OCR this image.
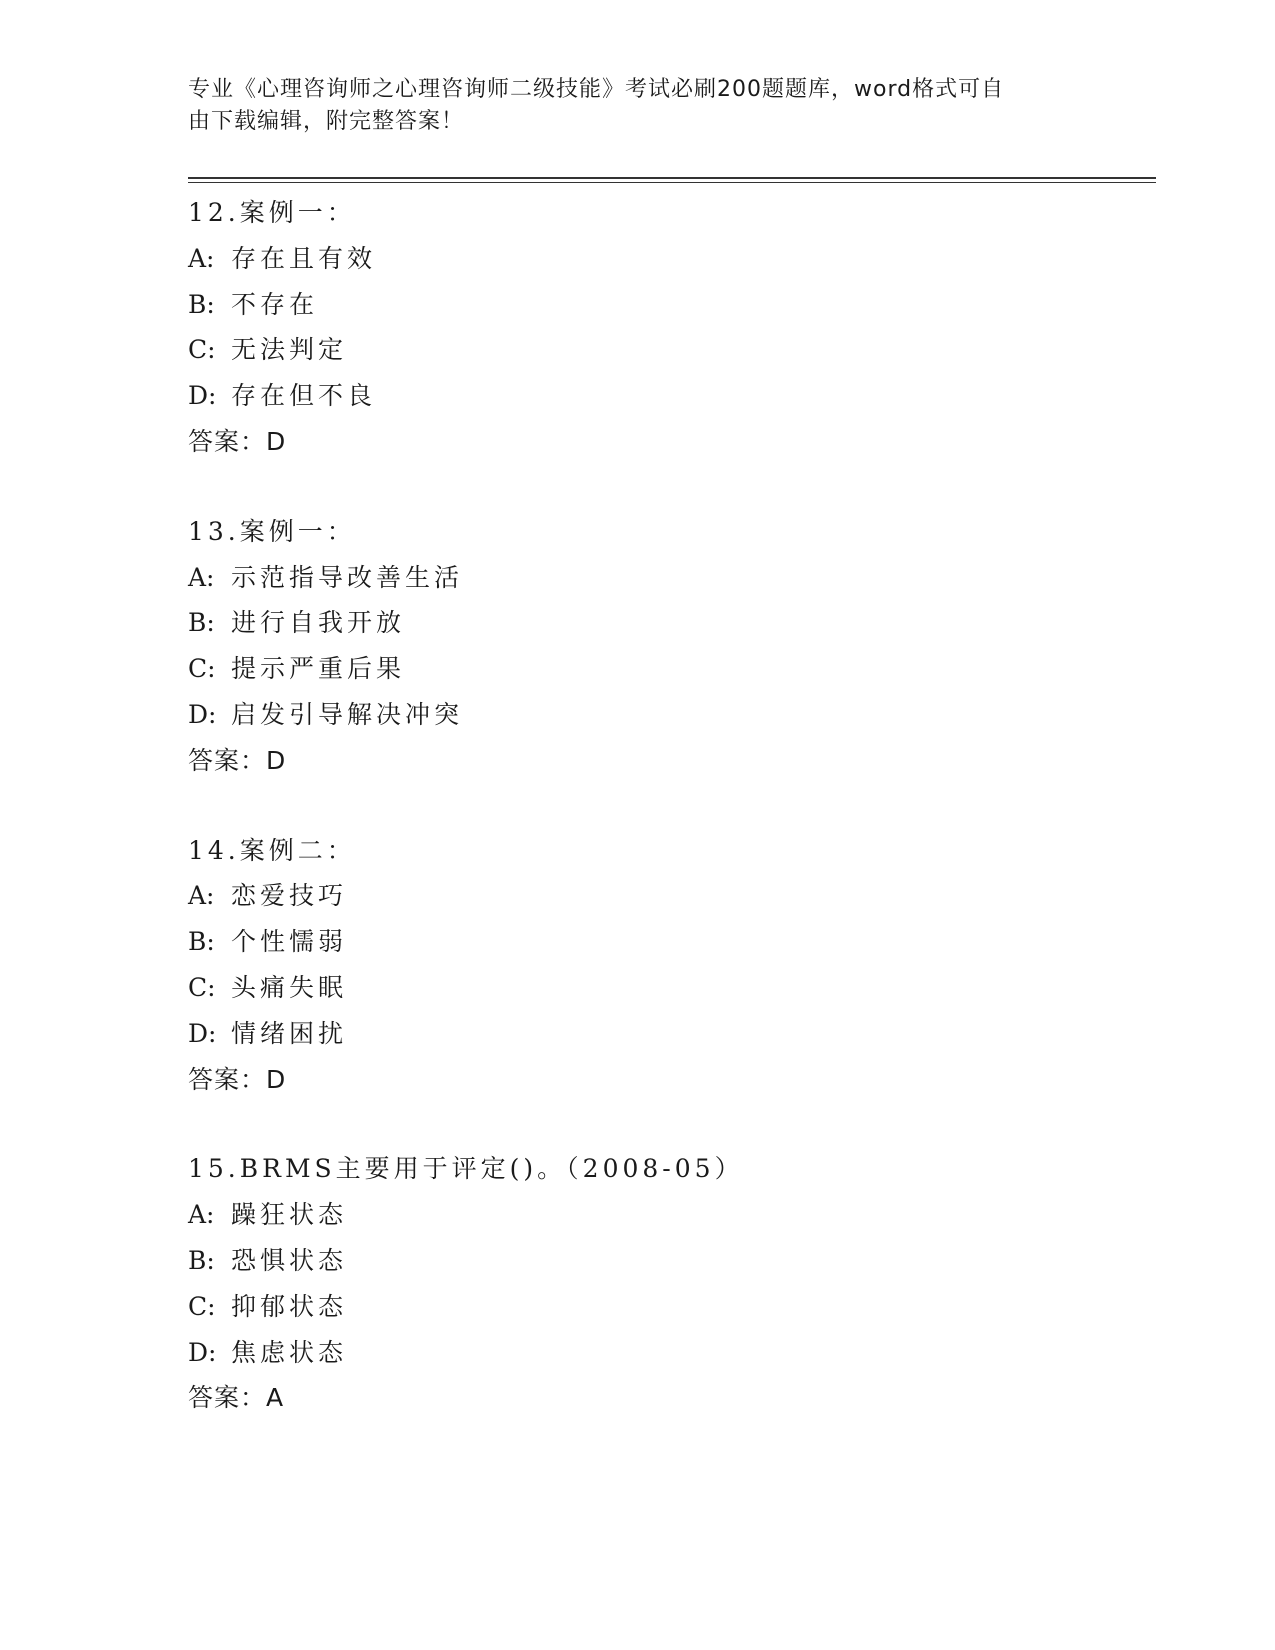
专业《心理咨询师之心理咨询师二级技能》考试必刷200题题库，word格式可自
由下载编辑，附完整答案！
12.案例一：
A: 存在且有效
B: 不存在
C: 无法判定
D: 存在但不良
答案：D
13.案例一：
A: 示范指导改善生活
B: 进行自我开放
C: 提示严重后果
D: 启发引导解决冲突
答案：D
14.案例二：
A: 恋爱技巧
B: 个性懦弱
C: 头痛失眠
D: 情绪困扰
答案：D
15.BRMS主要用于评定()。（2008-05）
A: 躁狂状态
B: 恐惧状态
C: 抑郁状态
D: 焦虑状态
答案：A
